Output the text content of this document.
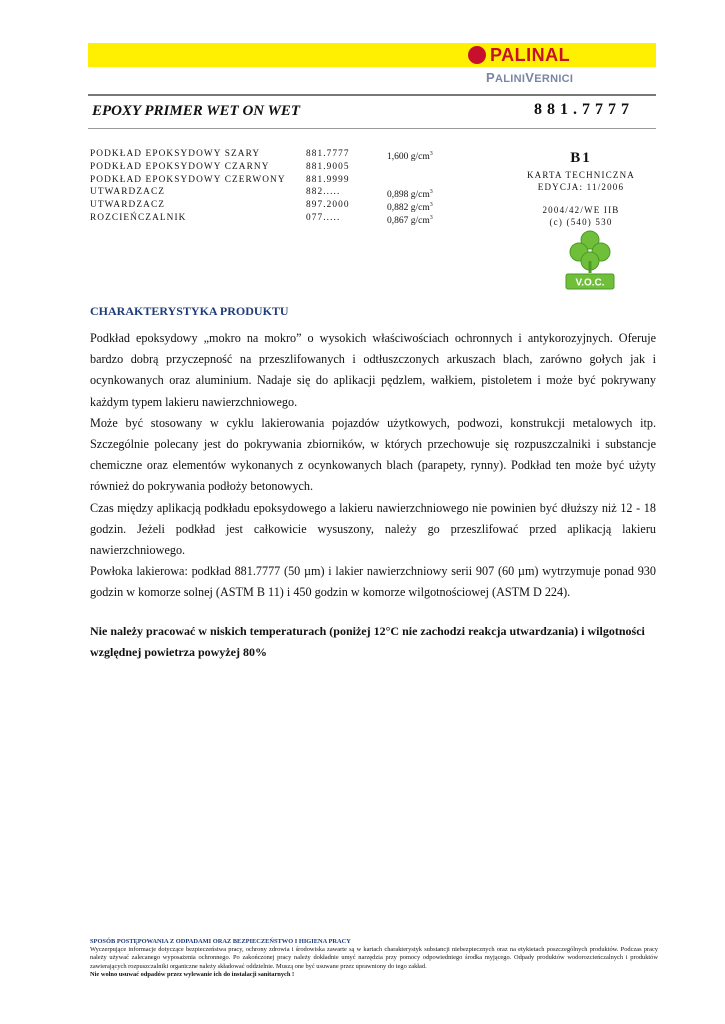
PALINAL
PALINIVERNICI
EPOXY PRIMER WET ON WET	881.7777
PODKŁAD EPOKSYDOWY SZARY	881.7777	1,600 $g/cm^3$
PODKŁAD EPOKSYDOWY CZARNY	881.9005
PODKŁAD EPOKSYDOWY CZERWONY 881.9999
UTWARDZACZ	882.....	0,898 $g/cm^3$
UTWARDZACZ	897.2000	0,882 $g/cm^3$
ROZCIEŃCZALNIK	077.....	0,867 $g/cm^3$
B1
KARTA TECHNICZNA
EDYCJA: 11/2006
2004/42/WE IIB
(c) (540) 530
V.O.C.
CHARAKTERYSTYKA PRODUKTU

Podkład epoksydowy „mokro na mokro” o wysokich właściwościach ochronnych i antykorozyjnych. Oferuje bardzo dobrą przyczepność na przeszlifowanych i odtłuszczonych arkuszach blach, zarówno gołych jak i ocynkowanych oraz aluminium. Nadaje się do aplikacji pędzlem, wałkiem, pistoletem i może być pokrywany każdym typem lakieru nawierzchniowego.

Może być stosowany w cyklu lakierowania pojazdów użytkowych, podwozi, konstrukcji metalowych itp. Szczególnie polecany jest do pokrywania zbiorników, w których przechowuje się rozpuszczalniki i substancje chemiczne oraz elementów wykonanych z ocynkowanych blach (parapety, rynny). Podkład ten może być użyty również do pokrywania podłoży betonowych.

Czas między aplikacją podkładu epoksydowego a lakieru nawierzchniowego nie powinien być dłuższy niż 12 - 18 godzin. Jeżeli podkład jest całkowicie wysuszony, należy go przeszlifować przed aplikacją lakieru nawierzchniowego.

Powłoka lakierowa: podkład 881.7777 (50 µm) i lakier nawierzchniowy serii 907 (60 µm) wytrzymuje ponad 930 godzin w komorze solnej (ASTM B 11) i 450 godzin w komorze wilgotnościowej (ASTM D 224).

Nie należy pracować w niskich temperaturach (poniżej 12°C nie zachodzi reakcja utwardzania) i wilgotności względnej powietrza powyżej 80%
SPOSÓB POSTĘPOWANIA Z ODPADAMI ORAZ BEZPIECZEŃSTWO I HIGIENA PRACY
Wyczerpujące informacje dotyczące bezpieczeństwa pracy, ochrony zdrowia i środowiska zawarte są w kartach charakterystyk substancji niebezpiecznych oraz na etykietach poszczególnych produktów. Podczas pracy należy używać zalecanego wyposażenia ochronnego. Po zakończonej pracy należy dokładnie umyć narzędzia przy pomocy odpowiedniego środka myjącego. Odpady produktów wodorozcieńczalnych i produktów zawierających rozpuszczalniki organiczne należy składować oddzielnie. Muszą one być usuwane przez uprawniony do tego zakład.
Nie wolno usuwać odpadów przez wylewanie ich do instalacji sanitarnych !
